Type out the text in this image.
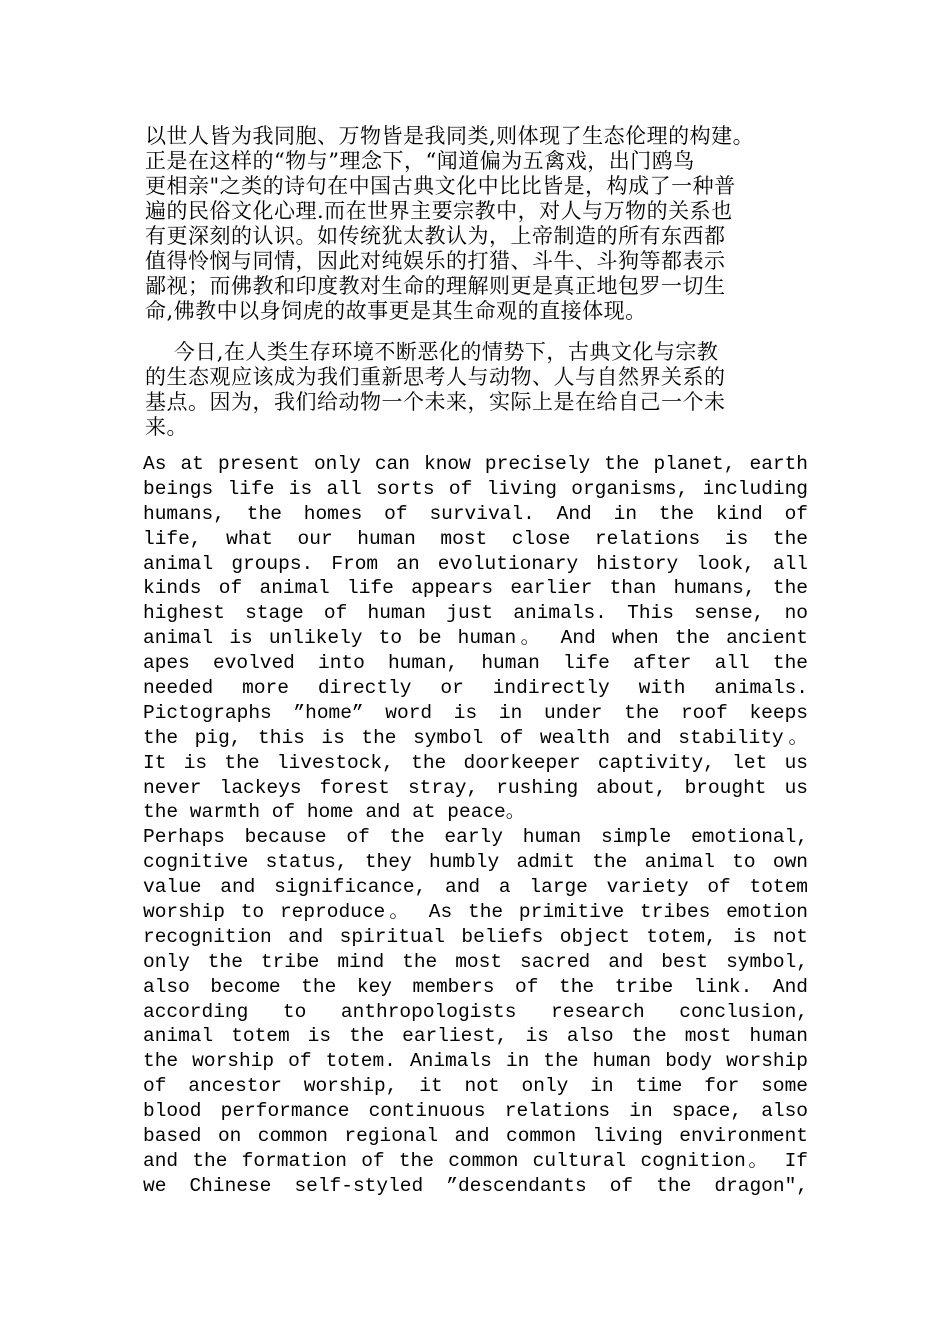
以世人皆为我同胞、万物皆是我同类,则体现了生态伦理的构建。
正是在这样的“物与”理念下，“闻道偏为五禽戏，出门鸥鸟
更相亲"之类的诗句在中国古典文化中比比皆是，构成了一种普
遍的民俗文化心理.而在世界主要宗教中，对人与万物的关系也
有更深刻的认识。如传统犹太教认为，上帝制造的所有东西都
值得怜悯与同情，因此对纯娱乐的打猎、斗牛、斗狗等都表示
鄙视；而佛教和印度教对生命的理解则更是真正地包罗一切生
命,佛教中以身饲虎的故事更是其生命观的直接体现。
今日,在人类生存环境不断恶化的情势下，古典文化与宗教
的生态观应该成为我们重新思考人与动物、人与自然界关系的
基点。因为，我们给动物一个未来，实际上是在给自己一个未
来。
As at present only can know precisely the planet, earth
beings life is all sorts of living organisms, including
humans, the homes of survival. And in the kind of
life, what our human most close relations is the
animal groups. From an evolutionary history look, all
kinds of animal life appears earlier than humans, the
highest stage of human just animals. This sense, no
animal is unlikely to be human。 And when the ancient
apes evolved into human, human life after all the
needed more directly or indirectly with animals.
Pictographs ”home” word is in under the roof keeps
the pig, this is the symbol of wealth and stability。
It is the livestock, the doorkeeper captivity, let us
never lackeys forest stray, rushing about, brought us
the warmth of home and at peace。
Perhaps because of the early human simple emotional,
cognitive status, they humbly admit the animal to own
value and significance, and a large variety of totem
worship to reproduce。 As the primitive tribes emotion
recognition and spiritual beliefs object totem, is not
only the tribe mind the most sacred and best symbol,
also become the key members of the tribe link. And
according to anthropologists research conclusion,
animal totem is the earliest, is also the most human
the worship of totem. Animals in the human body worship
of ancestor worship, it not only in time for some
blood performance continuous relations in space, also
based on common regional and common living environment
and the formation of the common cultural cognition。 If
we Chinese self-styled ”descendants of the dragon",
